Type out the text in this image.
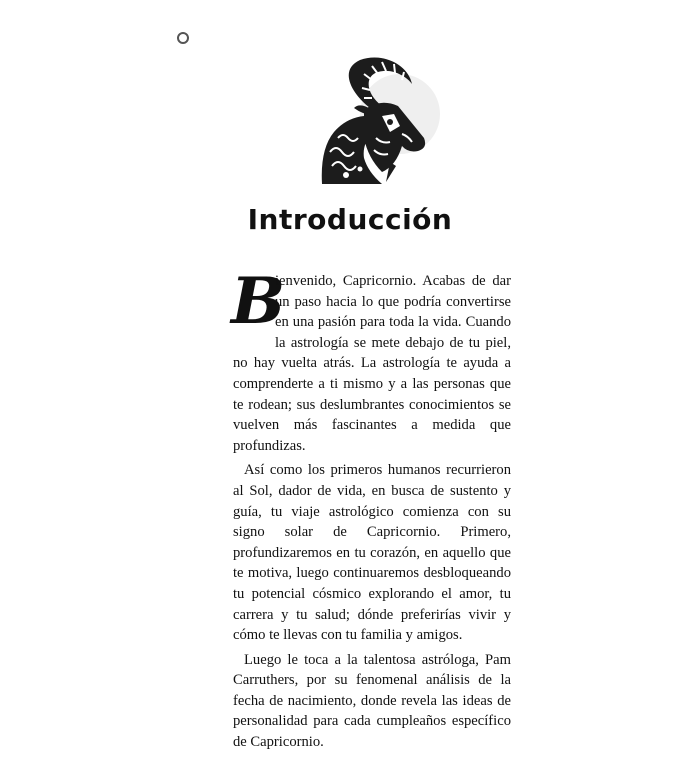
Introducción

B
ienvenido, Capricornio. Acabas de dar un paso hacia lo que podría convertirse en una pasión para toda la vida. Cuando la astrología se mete debajo de tu piel, no hay vuelta atrás. La astrología te ayuda a comprenderte a ti mismo y a las personas que te rodean; sus deslumbrantes conocimientos se vuelven más fascinantes a medida que profundizas.

Así como los primeros humanos recurrieron al Sol, dador de vida, en busca de sustento y guía, tu viaje astrológico comienza con su signo solar de Capricornio. Primero, profundizaremos en tu corazón, en aquello que te motiva, luego continuaremos desbloqueando tu potencial cósmico explorando el amor, tu carrera y tu salud; dónde preferirías vivir y cómo te llevas con tu familia y amigos.

Luego le toca a la talentosa astróloga, Pam Carruthers, por su fenomenal análisis de la fecha de nacimiento, donde revela las ideas de personalidad para cada cumpleaños específico de Capricornio.
